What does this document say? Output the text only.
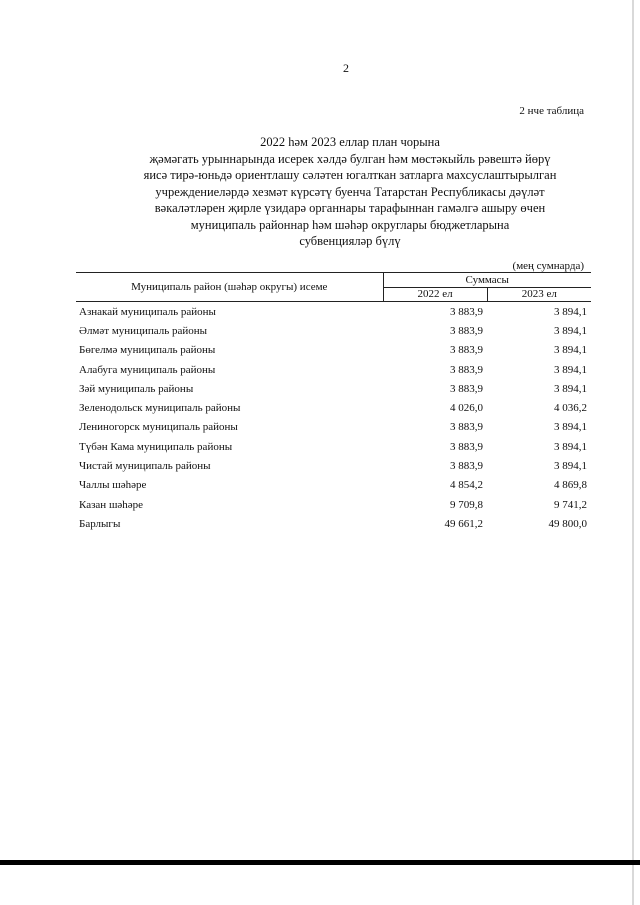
2
2 нче таблица
2022 һәм 2023 еллар план чорына
җәмәгать урыннарында исерек хәлдә булган һәм мөстәкыйль рәвештә йөрү
яисә тирә-юньдә ориентлашу сәләтен югалткан затларга махсуслаштырылган
учреждениеләрдә хезмәт күрсәтү буенча Татарстан Республикасы дәүләт
вәкаләтләрен җирле үзидарә органнары тарафыннан гамәлгә ашыру өчен
муниципаль районнар һәм шәһәр округлары бюджетларына
субвенцияләр бүлү
(мең сумнарда)
Муниципаль район (шәһәр округы) исеме	Суммасы	
	2022 ел	2023 ел
Азнакай муниципаль районы	3 883,9	3 894,1
Әлмәт муниципаль районы	3 883,9	3 894,1
Бөгелмә муниципаль районы	3 883,9	3 894,1
Алабуга муниципаль районы	3 883,9	3 894,1
Зәй муниципаль районы	3 883,9	3 894,1
Зеленодольск муниципаль районы	4 026,0	4 036,2
Лениногорск муниципаль районы	3 883,9	3 894,1
Түбән Кама муниципаль районы	3 883,9	3 894,1
Чистай муниципаль районы	3 883,9	3 894,1
Чаллы шәһәре	4 854,2	4 869,8
Казан шәһәре	9 709,8	9 741,2
Барлыгы	49 661,2	49 800,0
